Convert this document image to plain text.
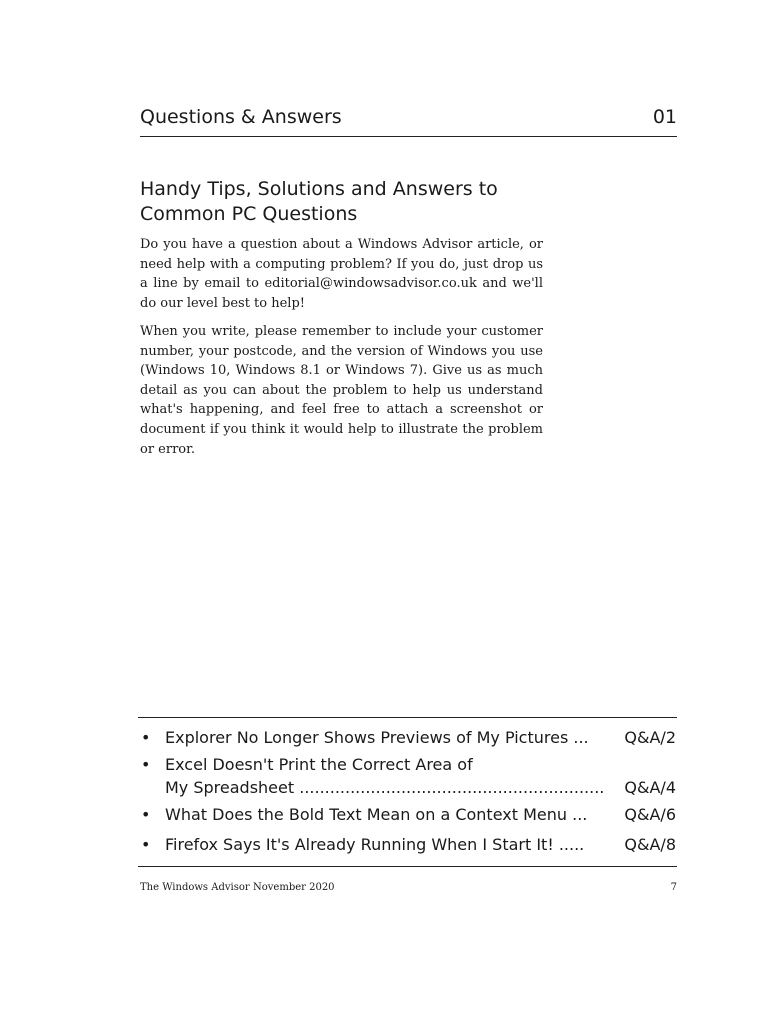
Questions & Answers	01
Handy Tips, Solutions and Answers to
Common PC Questions

Do you have a question about a Windows Advisor article, or need help with a computing problem? If you do, just drop us a line by email to editorial@windowsadvisor.co.uk and we'll do our level best to help!

When you write, please remember to include your customer number, your postcode, and the version of Windows you use (Windows 10, Windows 8.1 or Windows 7). Give us as much detail as you can about the problem to help us understand what's happening, and feel free to attach a screenshot or document if you think it would help to illustrate the problem or error.

• Explorer No Longer Shows Previews of My Pictures ... Q&A/2
• Excel Doesn't Print the Correct Area of
My Spreadsheet ............................................................ Q&A/4
• What Does the Bold Text Mean on a Context Menu ... Q&A/6
• Firefox Says It's Already Running When I Start It! .....	Q&A/8
The Windows Advisor November 2020	7
